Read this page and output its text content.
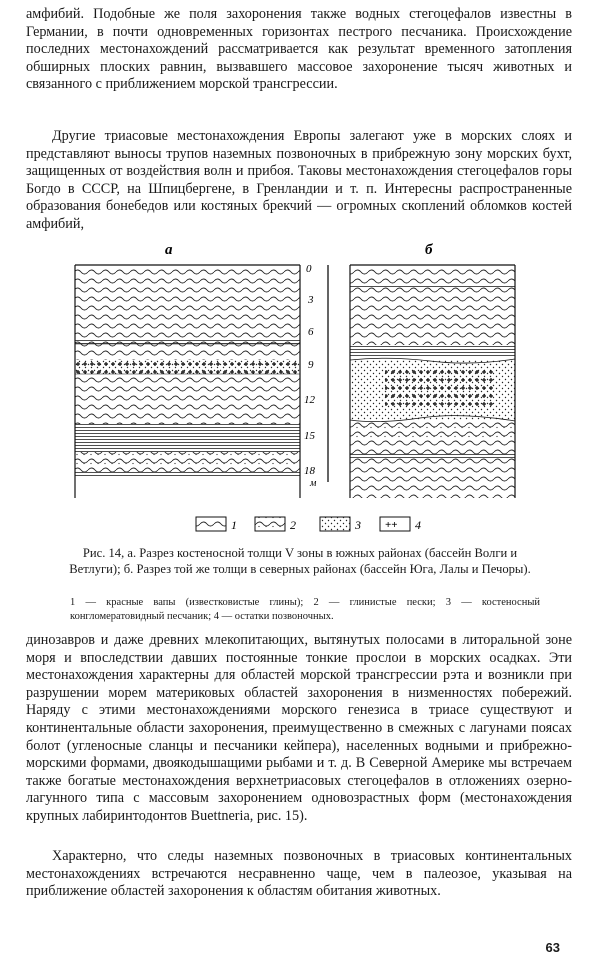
амфибий. Подобные же поля захоронения также водных стегоцефалов известны в Германии, в почти одновременных горизонтах пестрого песчаника. Происхождение последних местонахождений рассматривается как результат временного затопления обширных плоских равнин, вызвавшего массовое захоронение тысяч животных и связанного с приближением морской трансгрессии.

Другие триасовые местонахождения Европы залегают уже в морских слоях и представляют выносы трупов наземных позвоночных в прибрежную зону морских бухт, защищенных от воздействия волн и прибоя. Таковы местонахождения стегоцефалов горы Богдо в СССР, на Шпицбергене, в Гренландии и т. п. Интересны распространенные образования бонебедов или костяных брекчий — огромных скоплений обломков костей амфибий,

а	б
0
3
6
9
12
15
18
м
1	2	3 ++ 4

Рис. 14, а. Разрез костеносной толщи V зоны в южных районах (бассейн Волги и Ветлуги); б. Разрез той же толщи в северных районах (бассейн Юга, Лалы и Печоры).

1 — красные вапы (известковистые глины); 2 — глинистые пески; 3 — костеносный конгломератовидный песчаник; 4 — остатки позвоночных.

динозавров и даже древних млекопитающих, вытянутых полосами в литоральной зоне моря и впоследствии давших постоянные тонкие прослои в морских осадках. Эти местонахождения характерны для областей морской трансгрессии рэта и возникли при разрушении морем материковых областей захоронения в низменностях побережий. Наряду с этими местонахождениями морского генезиса в триасе существуют и континентальные области захоронения, преимущественно в смежных с лагунами поясах болот (угленосные сланцы и песчаники кейпера), населенных водными и прибрежно-морскими формами, двоякодышащими рыбами и т. д. В Северной Америке мы встречаем также богатые местонахождения верхнетриасовых стегоцефалов в отложениях озерно-лагунного типа с массовым захоронением одновозрастных форм (местонахождения крупных лабиринтодонтов Buettneria, рис. 15).

Характерно, что следы наземных позвоночных в триасовых континентальных местонахождениях встречаются несравненно чаще, чем в палеозое, указывая на приближение областей захоронения к областям обитания животных.

63
